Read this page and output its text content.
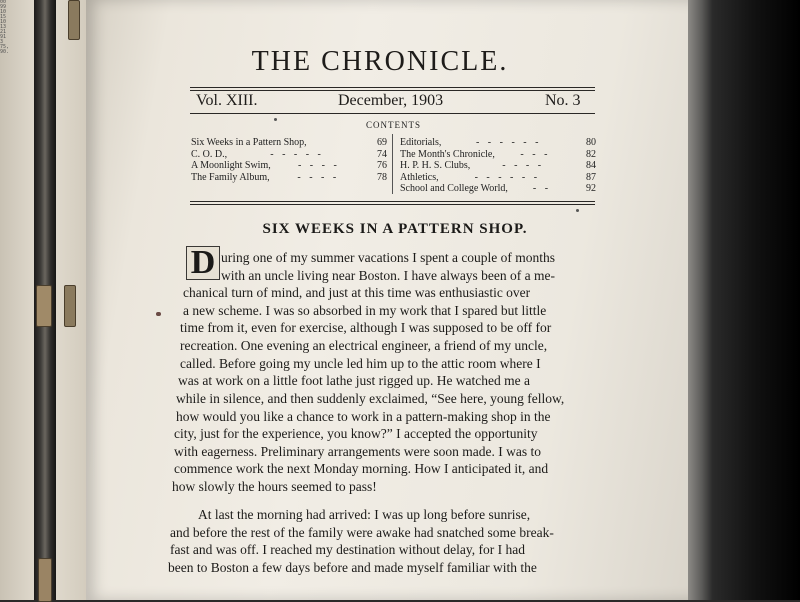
00
99
10
15
10
13
21
91
3
75,
90.	THE CHRONICLE.
Vol. XIII.	December, 1903	No. 3
CONTENTS
Six Weeks in a Pattern Shop,	69
C. O. D.,	- - - - -	74
A Moonlight Swim,	- - - -	76
The Family Album,	- - - -	78
Editorials,	- - - - - -	80
The Month's Chronicle,	- - -	82
H. P. H. S. Clubs,	- - - -	84
Athletics,	- - - - - -	87
School and College World,	- -	92
SIX WEEKS IN A PATTERN SHOP.
D uring one of my summer vacations I spent a couple of months
with an uncle living near Boston. I have always been of a me-
chanical turn of mind, and just at this time was enthusiastic over
a new scheme. I was so absorbed in my work that I spared but little
time from it, even for exercise, although I was supposed to be off for
recreation. One evening an electrical engineer, a friend of my uncle,
called. Before going my uncle led him up to the attic room where I
was at work on a little foot lathe just rigged up. He watched me a
while in silence, and then suddenly exclaimed, “See here, young fellow,
how would you like a chance to work in a pattern-making shop in the
city, just for the experience, you know?” I accepted the opportunity
with eagerness. Preliminary arrangements were soon made. I was to
commence work the next Monday morning. How I anticipated it, and
how slowly the hours seemed to pass!
At last the morning had arrived: I was up long before sunrise,
and before the rest of the family were awake had snatched some break-
fast and was off. I reached my destination without delay, for I had
been to Boston a few days before and made myself familiar with the
